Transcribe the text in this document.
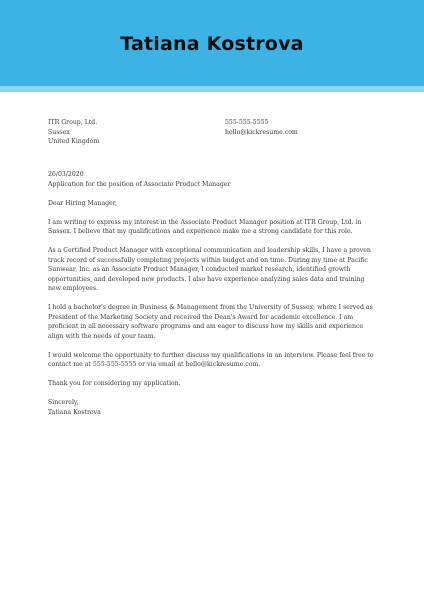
Tatiana Kostrova
ITR Group, Ltd.
Sussex
United Kingdom
555-555-5555
hello@kickresume.com

26/03/2020

Application for the position of Associate Product Manager

Dear Hiring Manager,

I am writing to express my interest in the Associate Product Manager position at ITR Group, Ltd. in Sussex. I believe that my qualifications and experience make me a strong candidate for this role.

As a Certified Product Manager with exceptional communication and leadership skills, I have a proven track record of successfully completing projects within budget and on time. During my time at Pacific Sunwear, Inc. as an Associate Product Manager, I conducted market research, identified growth opportunities, and developed new products. I also have experience analyzing sales data and training new employees.

I hold a bachelor's degree in Business & Management from the University of Sussex, where I served as President of the Marketing Society and received the Dean's Award for academic excellence. I am proficient in all necessary software programs and am eager to discuss how my skills and experience align with the needs of your team.

I would welcome the opportunity to further discuss my qualifications in an interview. Please feel free to contact me at 555-555-5555 or via email at hello@kickresume.com.

Thank you for considering my application.

Sincerely,
Tatiana Kostrova
